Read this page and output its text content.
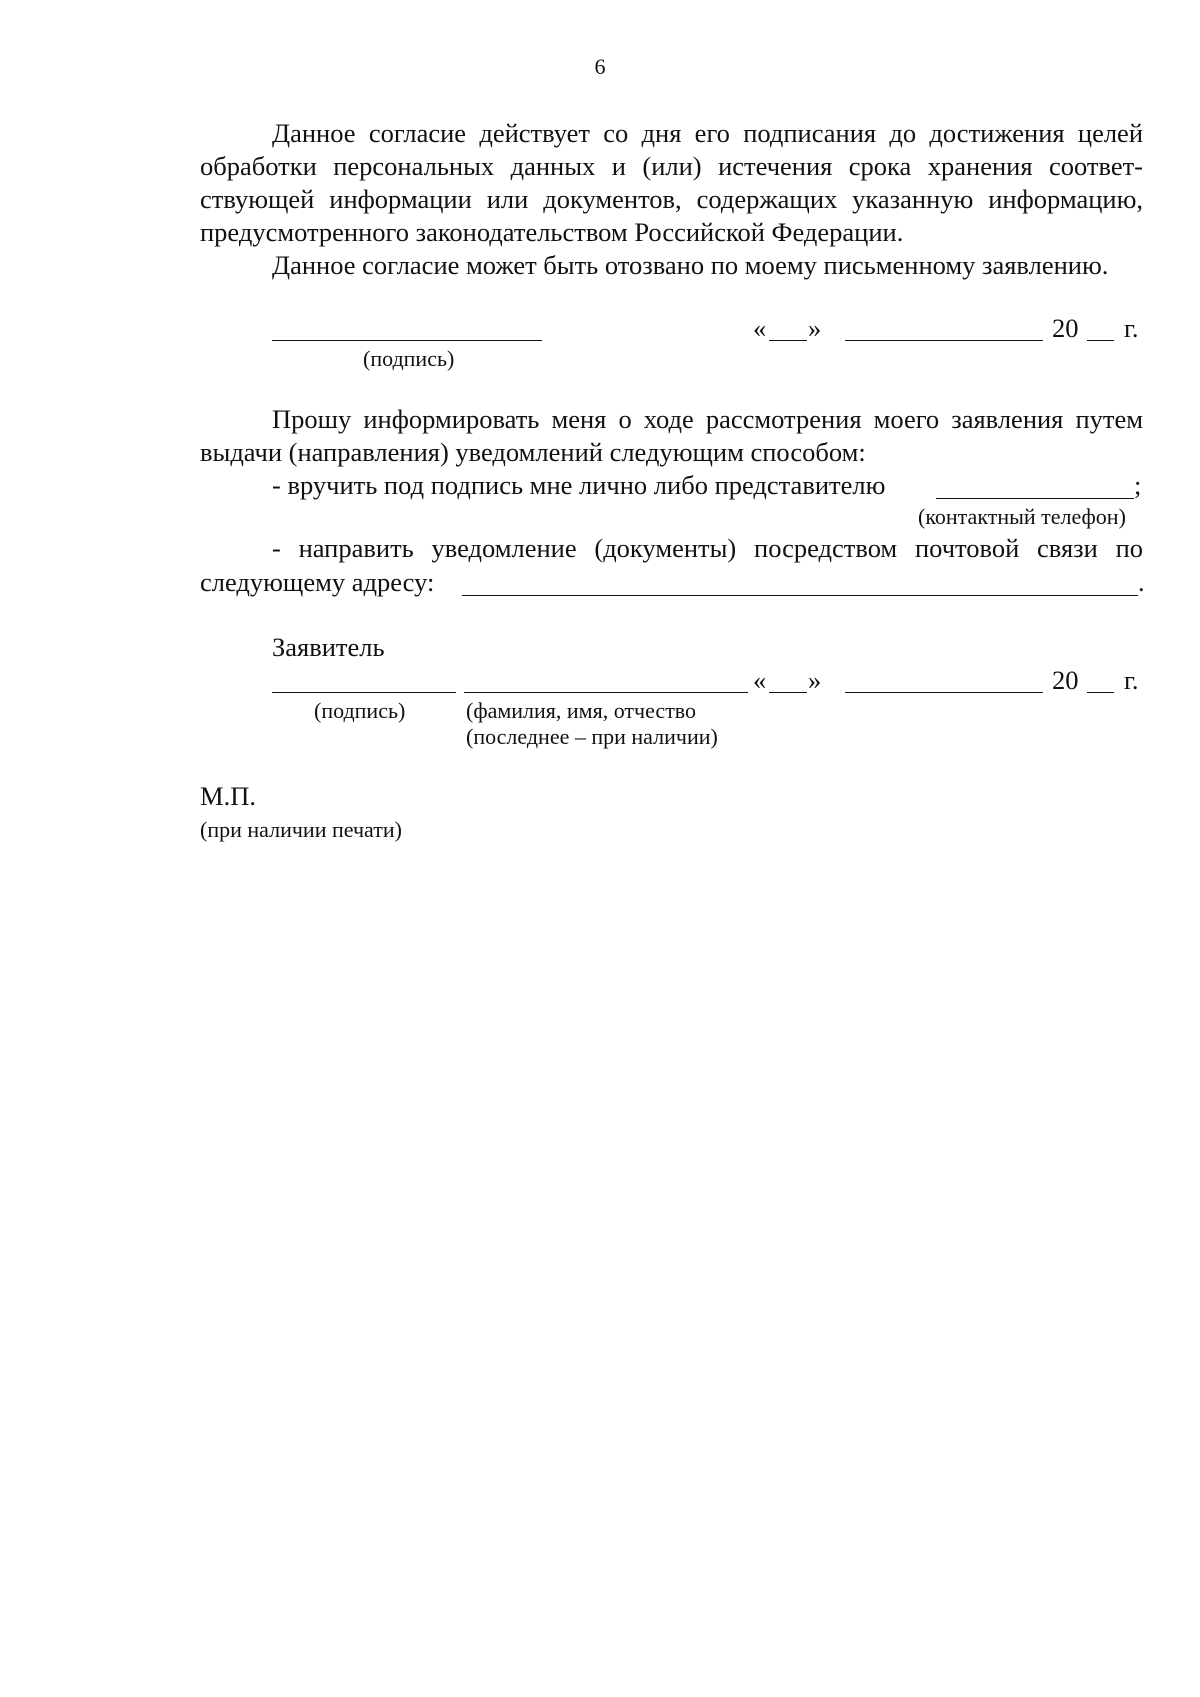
6

Данное согласие действует со дня его подписания до достижения целей обработки персональных данных и (или) истечения срока хранения соответствующей информации или документов, содержащих указанную информацию, предусмотренного законодательством Российской Федерации.

Данное согласие может быть отозвано по моему письменному заявлению.

(подпись)
« »	20 г.

Прошу информировать меня о ходе рассмотрения моего заявления путем выдачи (направления) уведомлений следующим способом:

- вручить под подпись мне лично либо представителю	;
(контактный телефон)
- направить уведомление (документы) посредством почтовой связи по
следующему адресу:	.
Заявитель
(подпись)	(фамилия, имя, отчество
(последнее – при наличии)
« »	20 г.
М.П.
(при наличии печати)
